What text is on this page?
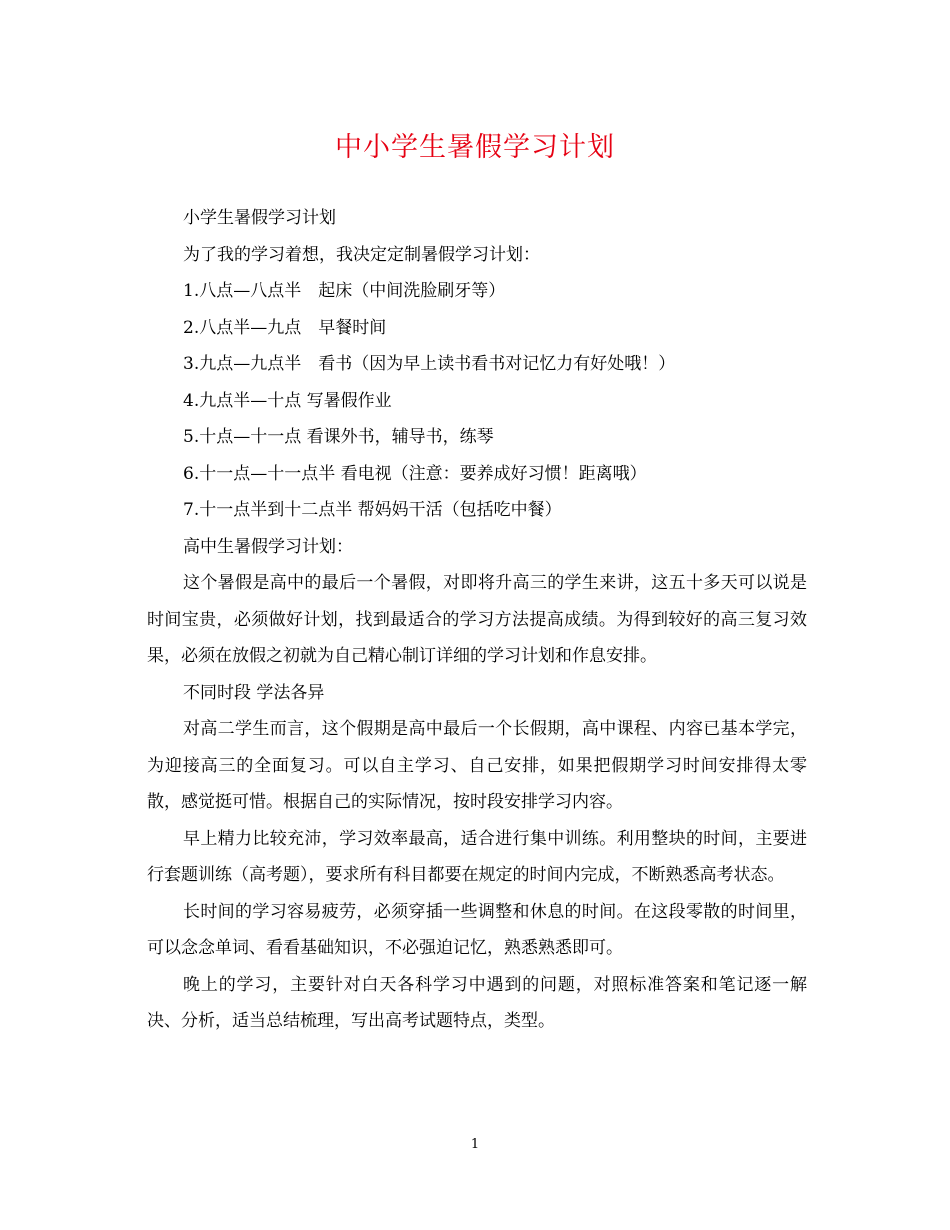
中小学生暑假学习计划

小学生暑假学习计划

为了我的学习着想，我决定定制暑假学习计划：

1.八点—八点半　起床（中间洗脸刷牙等）

2.八点半—九点　早餐时间

3.九点—九点半　看书（因为早上读书看书对记忆力有好处哦！）

4.九点半—十点 写暑假作业

5.十点—十一点 看课外书，辅导书，练琴

6.十一点—十一点半 看电视（注意：要养成好习惯！距离哦）

7.十一点半到十二点半 帮妈妈干活（包括吃中餐）

高中生暑假学习计划：

这个暑假是高中的最后一个暑假，对即将升高三的学生来讲，这五十多天可以说是时间宝贵，必须做好计划，找到最适合的学习方法提高成绩。为得到较好的高三复习效果，必须在放假之初就为自己精心制订详细的学习计划和作息安排。

不同时段 学法各异

对高二学生而言，这个假期是高中最后一个长假期，高中课程、内容已基本学完，为迎接高三的全面复习。可以自主学习、自己安排，如果把假期学习时间安排得太零散，感觉挺可惜。根据自己的实际情况，按时段安排学习内容。

早上精力比较充沛，学习效率最高，适合进行集中训练。利用整块的时间，主要进行套题训练（高考题），要求所有科目都要在规定的时间内完成，不断熟悉高考状态。

长时间的学习容易疲劳，必须穿插一些调整和休息的时间。在这段零散的时间里，可以念念单词、看看基础知识，不必强迫记忆，熟悉熟悉即可。

晚上的学习，主要针对白天各科学习中遇到的问题，对照标准答案和笔记逐一解决、分析，适当总结梳理，写出高考试题特点，类型。

1
